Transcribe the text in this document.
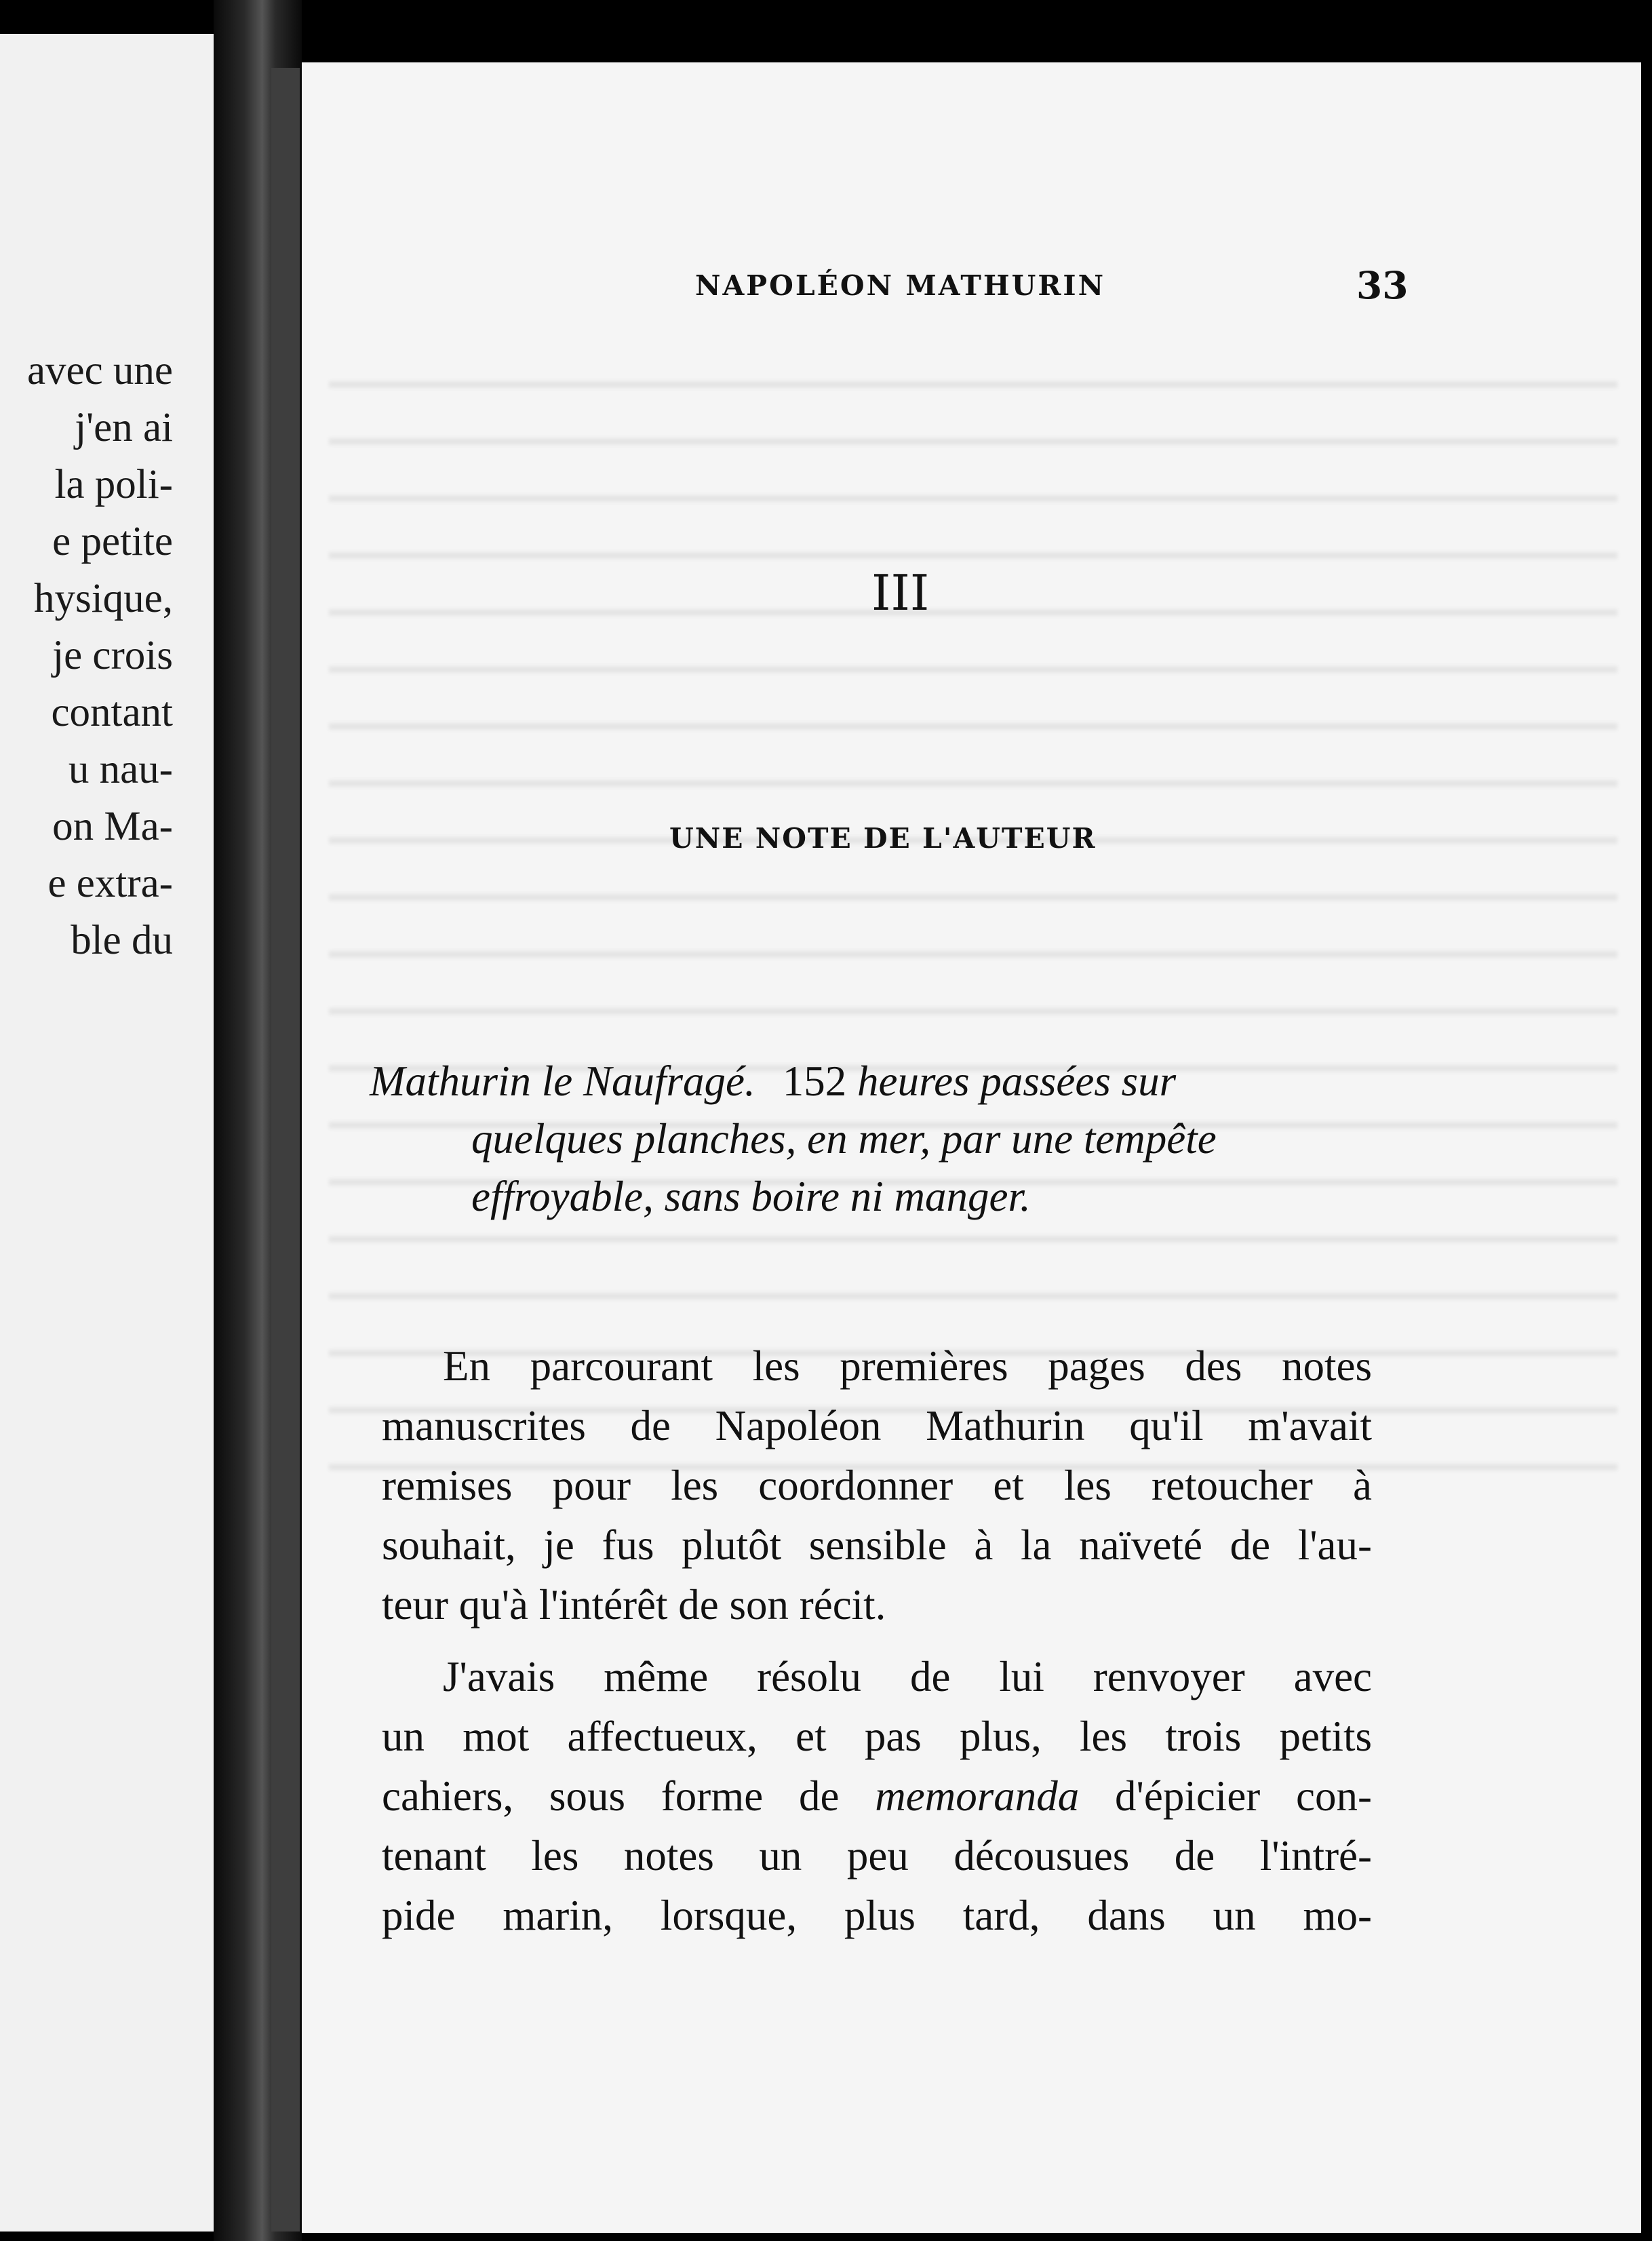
avec une
j'en ai
la poli-
e petite
hysique,
je crois
contant
u nau-
on Ma-
e extra-
ble du
NAPOLÉON MATHURIN	33
III
UNE NOTE DE L'AUTEUR
Mathurin le Naufragé. 152 heures passées sur
quelques planches, en mer, par une tempête
effroyable, sans boire ni manger.

En parcourant les premières pages des notes
manuscrites de Napoléon Mathurin qu'il m'avait
remises pour les coordonner et les retoucher à
souhait, je fus plutôt sensible à la naïveté de l'au-
teur qu'à l'intérêt de son récit.

J'avais même résolu de lui renvoyer avec
un mot affectueux, et pas plus, les trois petits
cahiers, sous forme de memoranda d'épicier con-
tenant les notes un peu décousues de l'intré-
pide marin, lorsque, plus tard, dans un mo-
